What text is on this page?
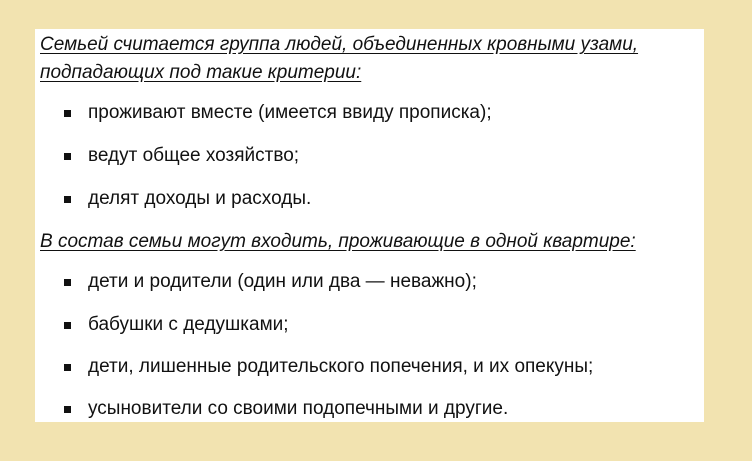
Семьей считается группа людей, объединенных кровными узами,
подпадающих под такие критерии:
проживают вместе (имеется ввиду прописка);
ведут общее хозяйство;
делят доходы и расходы.
В состав семьи могут входить, проживающие в одной квартире:
дети и родители (один или два — неважно);
бабушки с дедушками;
дети, лишенные родительского попечения, и их опекуны;
усыновители со своими подопечными и другие.
